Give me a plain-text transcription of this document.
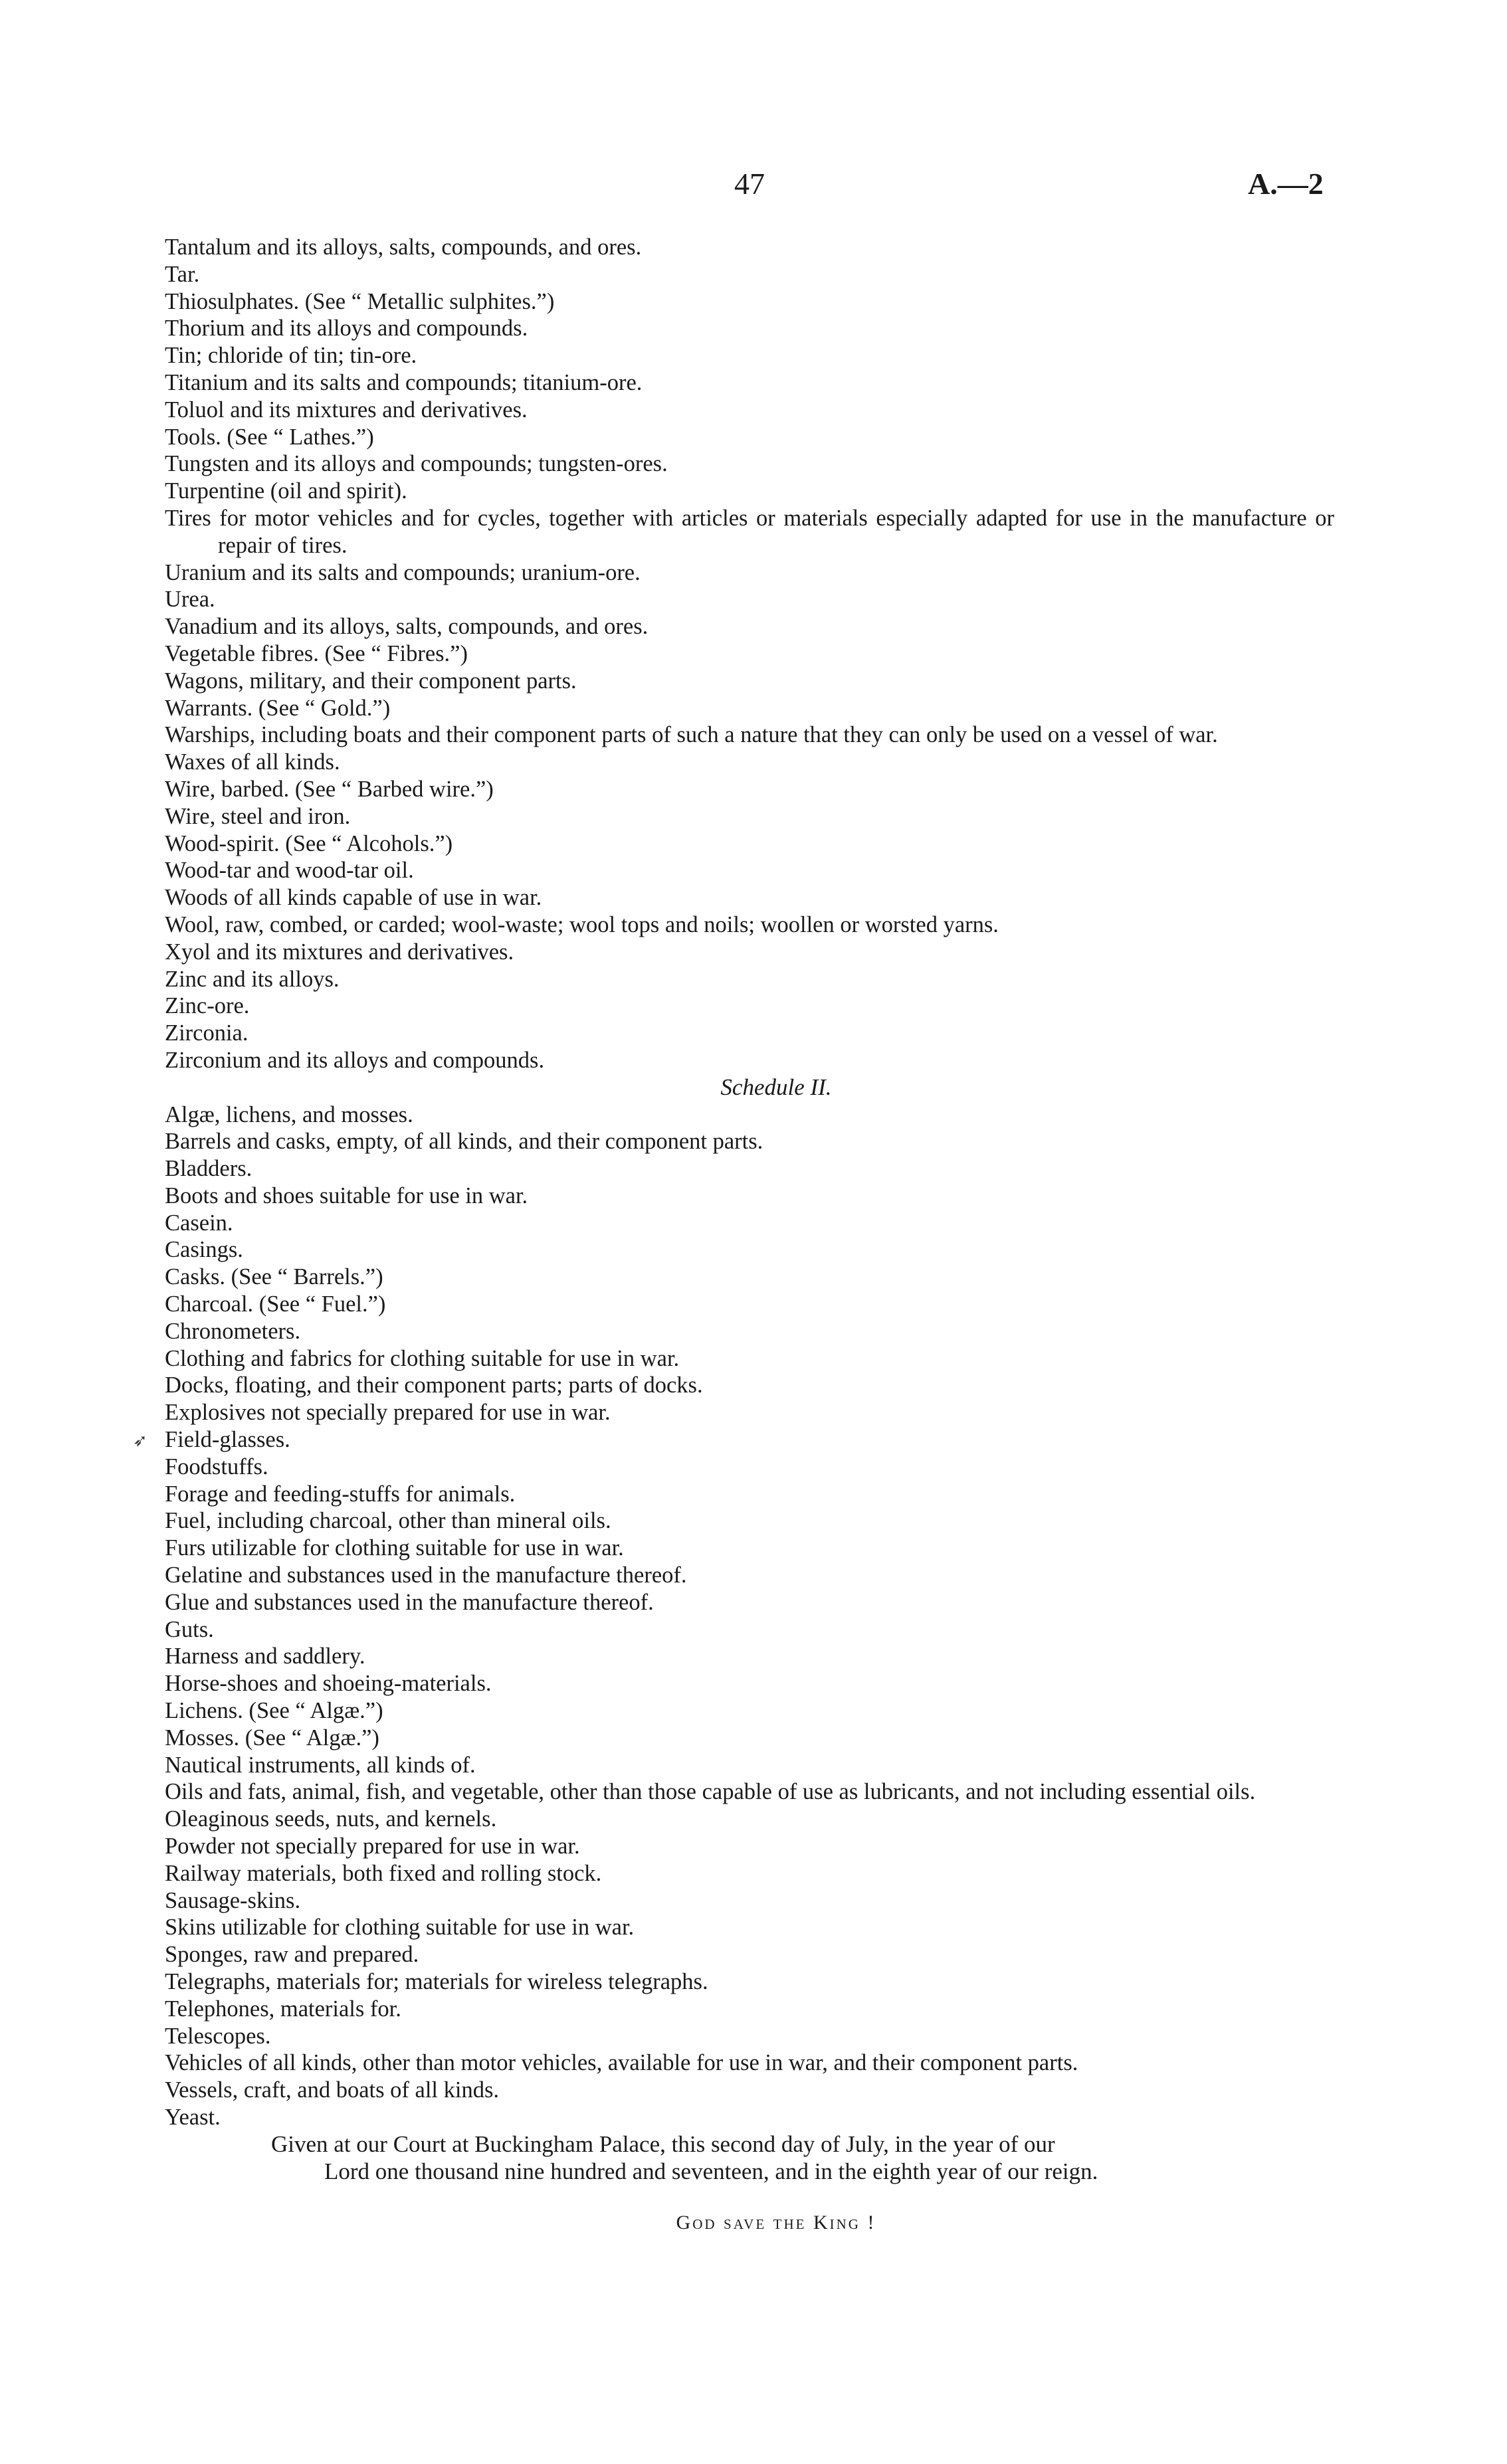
47	A.—2
➶
Tantalum and its alloys, salts, compounds, and ores.
Tar.
Thiosulphates. (See “ Metallic sulphites.”)
Thorium and its alloys and compounds.
Tin; chloride of tin; tin-ore.
Titanium and its salts and compounds; titanium-ore.
Toluol and its mixtures and derivatives.
Tools. (See “ Lathes.”)
Tungsten and its alloys and compounds; tungsten-ores.
Turpentine (oil and spirit).
Tires for motor vehicles and for cycles, together with articles or materials especially adapted for use in the manufacture or repair of tires.
Uranium and its salts and compounds; uranium-ore.
Urea.
Vanadium and its alloys, salts, compounds, and ores.
Vegetable fibres. (See “ Fibres.”)
Wagons, military, and their component parts.
Warrants. (See “ Gold.”)
Warships, including boats and their component parts of such a nature that they can only be used on a vessel of war.
Waxes of all kinds.
Wire, barbed. (See “ Barbed wire.”)
Wire, steel and iron.
Wood-spirit. (See “ Alcohols.”)
Wood-tar and wood-tar oil.
Woods of all kinds capable of use in war.
Wool, raw, combed, or carded; wool-waste; wool tops and noils; woollen or worsted yarns.
Xyol and its mixtures and derivatives.
Zinc and its alloys.
Zinc-ore.
Zirconia.
Zirconium and its alloys and compounds.

Schedule II.

Algæ, lichens, and mosses.
Barrels and casks, empty, of all kinds, and their component parts.
Bladders.
Boots and shoes suitable for use in war.
Casein.
Casings.
Casks. (See “ Barrels.”)
Charcoal. (See “ Fuel.”)
Chronometers.
Clothing and fabrics for clothing suitable for use in war.
Docks, floating, and their component parts; parts of docks.
Explosives not specially prepared for use in war.
Field-glasses.
Foodstuffs.
Forage and feeding-stuffs for animals.
Fuel, including charcoal, other than mineral oils.
Furs utilizable for clothing suitable for use in war.
Gelatine and substances used in the manufacture thereof.
Glue and substances used in the manufacture thereof.
Guts.
Harness and saddlery.
Horse-shoes and shoeing-materials.
Lichens. (See “ Algæ.”)
Mosses. (See “ Algæ.”)
Nautical instruments, all kinds of.
Oils and fats, animal, fish, and vegetable, other than those capable of use as lubricants, and not including essential oils.
Oleaginous seeds, nuts, and kernels.
Powder not specially prepared for use in war.
Railway materials, both fixed and rolling stock.
Sausage-skins.
Skins utilizable for clothing suitable for use in war.
Sponges, raw and prepared.
Telegraphs, materials for; materials for wireless telegraphs.
Telephones, materials for.
Telescopes.
Vehicles of all kinds, other than motor vehicles, available for use in war, and their component parts.
Vessels, craft, and boats of all kinds.
Yeast.
Given at our Court at Buckingham Palace, this second day of July, in the year of our
Lord one thousand nine hundred and seventeen, and in the eighth year of our reign.
God save the King !
